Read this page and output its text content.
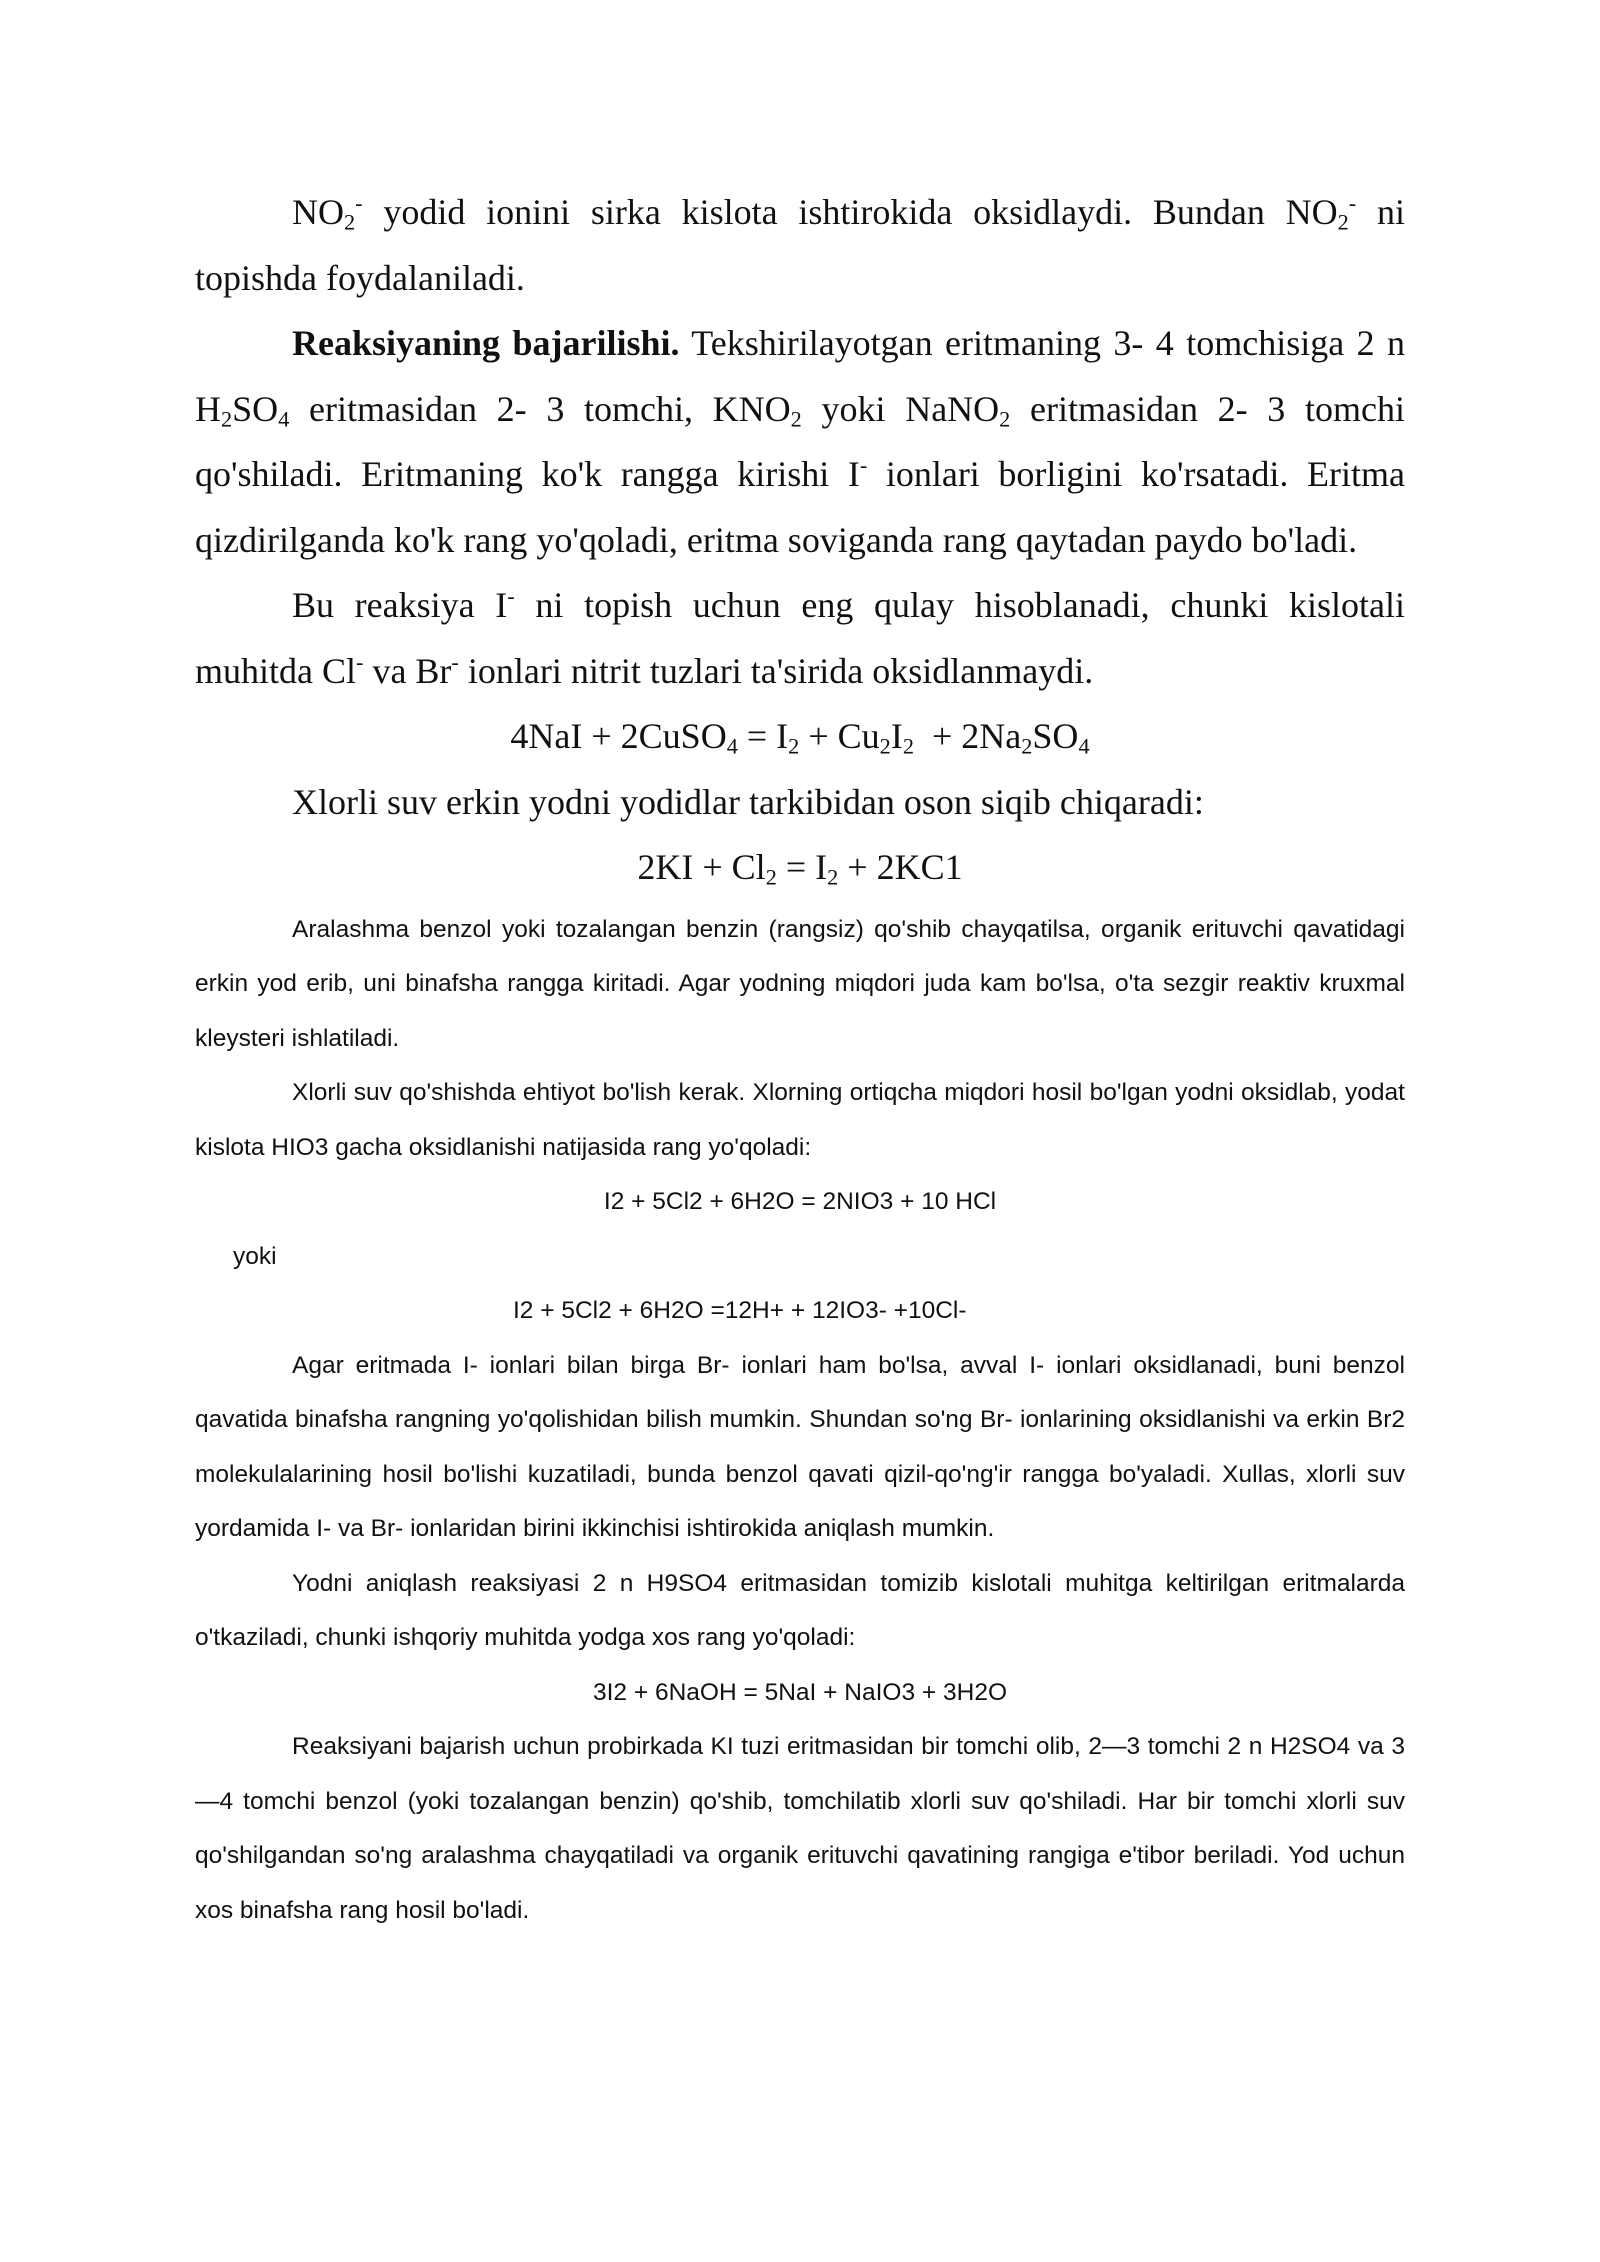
$NO_2^-$ yodid ionini sirka kislota ishtirokida oksidlaydi. Bundan $NO_2^-$ ni topishda foydalaniladi.

Reaksiyaning bajarilishi. Tekshirilayotgan eritmaning 3- 4 tomchisiga 2 n $H_2SO_4$ eritmasidan 2- 3 tomchi, $KNO_2$ yoki NaNO$_2$ eritmasidan 2- 3 tomchi qo'shiladi. Eritmaning ko'k rangga kirishi I- ionlari borligini ko'rsatadi. Eritma qizdirilganda ko'k rang yo'qoladi, eritma soviganda rang qaytadan paydo bo'ladi.

Bu reaksiya I- ni topish uchun eng qulay hisoblanadi, chunki kislotali muhitda Cl- va Br- ionlari nitrit tuzlari ta'sirida oksidlanmaydi.

4NaI + 2CuSO$_4$ = $I_2 + Cu_2I_2 + 2Na_2SO_4$

Xlorli suv erkin yodni yodidlar tarkibidan oson siqib chiqaradi:

$2KI + Cl_2 = I_2 + 2KC1$

Aralashma benzol yoki tozalangan benzin (rangsiz) qo'shib chayqatilsa, organik erituvchi qavatidagi erkin yod erib, uni binafsha rangga kiritadi. Agar yodning miqdori juda kam bo'lsa, o'ta sezgir reaktiv kruxmal kleysteri ishlatiladi.

Xlorli suv qo'shishda ehtiyot bo'lish kerak. Xlorning ortiqcha miqdori hosil bo'lgan yodni oksidlab, yodat kislota HIO3 gacha oksidlanishi natijasida rang yo'qoladi:

I2 + 5Cl2 + 6H2O = 2NIO3 + 10 HCl

yoki

I2 + 5Cl2 + 6H2O =12H+ + 12IO3- +10Cl-

Agar eritmada I- ionlari bilan birga Br- ionlari ham bo'lsa, avval I- ionlari oksidlanadi, buni benzol qavatida binafsha rangning yo'qolishidan bilish mumkin. Shundan so'ng Br- ionlarining oksidlanishi va erkin Br2 molekulalarining hosil bo'lishi kuzatiladi, bunda benzol qavati qizil-qo'ng'ir rangga bo'yaladi. Xullas, xlorli suv yordamida I- va Br- ionlaridan birini ikkinchisi ishtirokida aniqlash mumkin.

Yodni aniqlash reaksiyasi 2 n H9SO4 eritmasidan tomizib kislotali muhitga keltirilgan eritmalarda o'tkaziladi, chunki ishqoriy muhitda yodga xos rang yo'qoladi:

3I2 + 6NaOH = 5NaI + NaIO3 + 3H2O

Reaksiyani bajarish uchun probirkada KI tuzi eritmasidan bir tomchi olib, 2—3 tomchi 2 n H2SO4 va 3—4 tomchi benzol (yoki tozalangan benzin) qo'shib, tomchilatib xlorli suv qo'shiladi. Har bir tomchi xlorli suv qo'shilgandan so'ng aralashma chayqatiladi va organik erituvchi qavatining rangiga e'tibor beriladi. Yod uchun xos binafsha rang hosil bo'ladi.
